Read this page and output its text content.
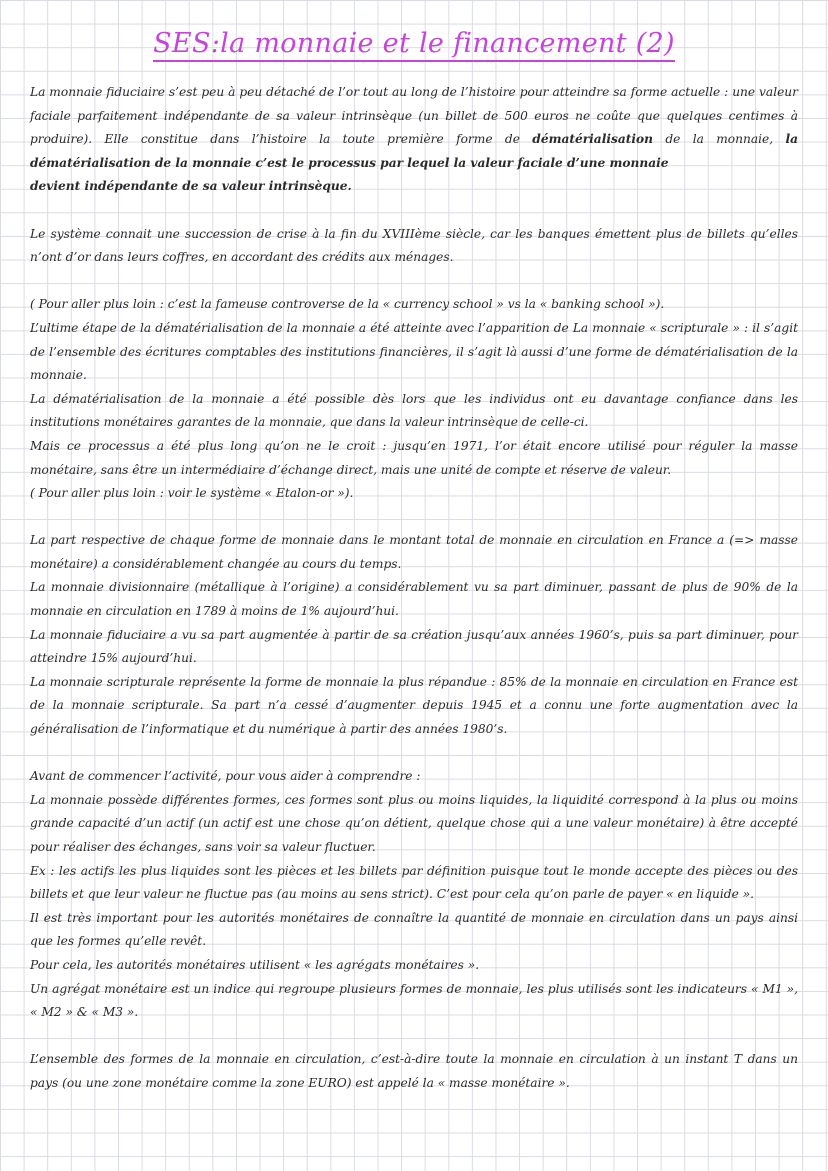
SES:la monnaie et le financement (2)

La monnaie fiduciaire s’est peu à peu détaché de l’or tout au long de l’histoire pour atteindre sa forme actuelle : une valeur faciale parfaitement indépendante de sa valeur intrinsèque (un billet de 500 euros ne coûte que quelques centimes à produire). Elle constitue dans l’histoire la toute première forme de dématérialisation de la monnaie, la dématérialisation de la monnaie c’est le processus par lequel la valeur faciale d’une monnaie
devient indépendante de sa valeur intrinsèque.

Le système connait une succession de crise à la fin du XVIIIème siècle, car les banques émettent plus de billets qu’elles n’ont d’or dans leurs coffres, en accordant des crédits aux ménages.

( Pour aller plus loin : c’est la fameuse controverse de la « currency school » vs la « banking school »).

L’ultime étape de la dématérialisation de la monnaie a été atteinte avec l’apparition de La monnaie « scripturale » : il s’agit de l’ensemble des écritures comptables des institutions financières, il s’agit là aussi d’une forme de dématérialisation de la monnaie.

La dématérialisation de la monnaie a été possible dès lors que les individus ont eu davantage confiance dans les institutions monétaires garantes de la monnaie, que dans la valeur intrinsèque de celle-ci.

Mais ce processus a été plus long qu’on ne le croit : jusqu’en 1971, l’or était encore utilisé pour réguler la masse monétaire, sans être un intermédiaire d’échange direct, mais une unité de compte et réserve de valeur.

( Pour aller plus loin : voir le système « Etalon-or »).

La part respective de chaque forme de monnaie dans le montant total de monnaie en circulation en France a (=> masse monétaire) a considérablement changée au cours du temps.

La monnaie divisionnaire (métallique à l’origine) a considérablement vu sa part diminuer, passant de plus de 90% de la monnaie en circulation en 1789 à moins de 1% aujourd’hui.

La monnaie fiduciaire a vu sa part augmentée à partir de sa création jusqu’aux années 1960’s, puis sa part diminuer, pour atteindre 15% aujourd’hui.

La monnaie scripturale représente la forme de monnaie la plus répandue : 85% de la monnaie en circulation en France est de la monnaie scripturale. Sa part n’a cessé d’augmenter depuis 1945 et a connu une forte augmentation avec la généralisation de l’informatique et du numérique à partir des années 1980’s.

Avant de commencer l’activité, pour vous aider à comprendre :

La monnaie possède différentes formes, ces formes sont plus ou moins liquides, la liquidité correspond à la plus ou moins grande capacité d’un actif (un actif est une chose qu’on détient, quelque chose qui a une valeur monétaire) à être accepté pour réaliser des échanges, sans voir sa valeur fluctuer.

Ex : les actifs les plus liquides sont les pièces et les billets par définition puisque tout le monde accepte des pièces ou des billets et que leur valeur ne fluctue pas (au moins au sens strict). C’est pour cela qu’on parle de payer « en liquide ».

Il est très important pour les autorités monétaires de connaître la quantité de monnaie en circulation dans un pays ainsi que les formes qu’elle revêt.

Pour cela, les autorités monétaires utilisent « les agrégats monétaires ».

Un agrégat monétaire est un indice qui regroupe plusieurs formes de monnaie, les plus utilisés sont les indicateurs « M1 », « M2 » & « M3 ».

L’ensemble des formes de la monnaie en circulation, c’est-à-dire toute la monnaie en circulation à un instant T dans un pays (ou une zone monétaire comme la zone EURO) est appelé la « masse monétaire ».
